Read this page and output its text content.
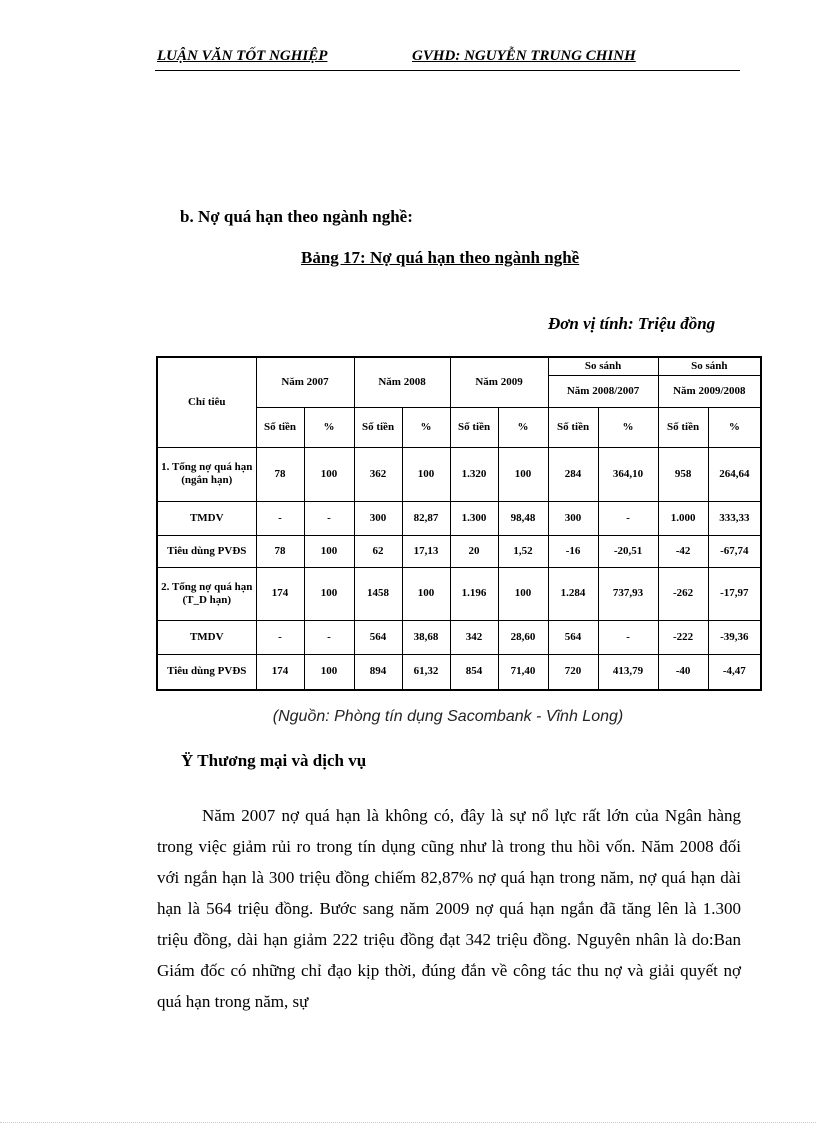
LUẬN VĂN TỐT NGHIỆP	GVHD: NGUYỄN TRUNG CHINH
b. Nợ quá hạn theo ngành nghề:
Bảng 17: Nợ quá hạn theo ngành nghề
Đơn vị tính: Triệu đồng
Chỉ tiêu	Năm 2007		Năm 2008		Năm 2009		So sánh		So sánh	
							Năm 2008/2007		Năm 2009/2008	
	Số tiền	%	Số tiền	%	Số tiền	%	Số tiền	%	Số tiền	%
1. Tổng nợ quá hạn (ngắn hạn)	78	100	362	100	1.320	100	284	364,10	958	264,64
TMDV	-	-	300	82,87	1.300	98,48	300	-	1.000	333,33
Tiêu dùng PVĐS	78	100	62	17,13	20	1,52	-16	-20,51	-42	-67,74
2. Tổng nợ quá hạn (T_D hạn)	174	100	1458	100	1.196	100	1.284	737,93	-262	-17,97
TMDV	-	-	564	38,68	342	28,60	564	-	-222	-39,36
Tiêu dùng PVĐS	174	100	894	61,32	854	71,40	720	413,79	-40	-4,47
(Nguồn: Phòng tín dụng Sacombank - Vĩnh Long)
Ÿ Thương mại và dịch vụ

Năm 2007 nợ quá hạn là không có, đây là sự nổ lực rất lớn của Ngân hàng trong việc giảm rủi ro trong tín dụng cũng như là trong thu hồi vốn. Năm 2008 đối với ngắn hạn là 300 triệu đồng chiếm 82,87% nợ quá hạn trong năm, nợ quá hạn dài hạn là 564 triệu đồng. Bước sang năm 2009 nợ quá hạn ngắn đã tăng lên là 1.300 triệu đồng, dài hạn giảm 222 triệu đồng đạt 342 triệu đồng. Nguyên nhân là do:Ban Giám đốc có những chỉ đạo kịp thời, đúng đắn về công tác thu nợ và giải quyết nợ quá hạn trong năm, sự
